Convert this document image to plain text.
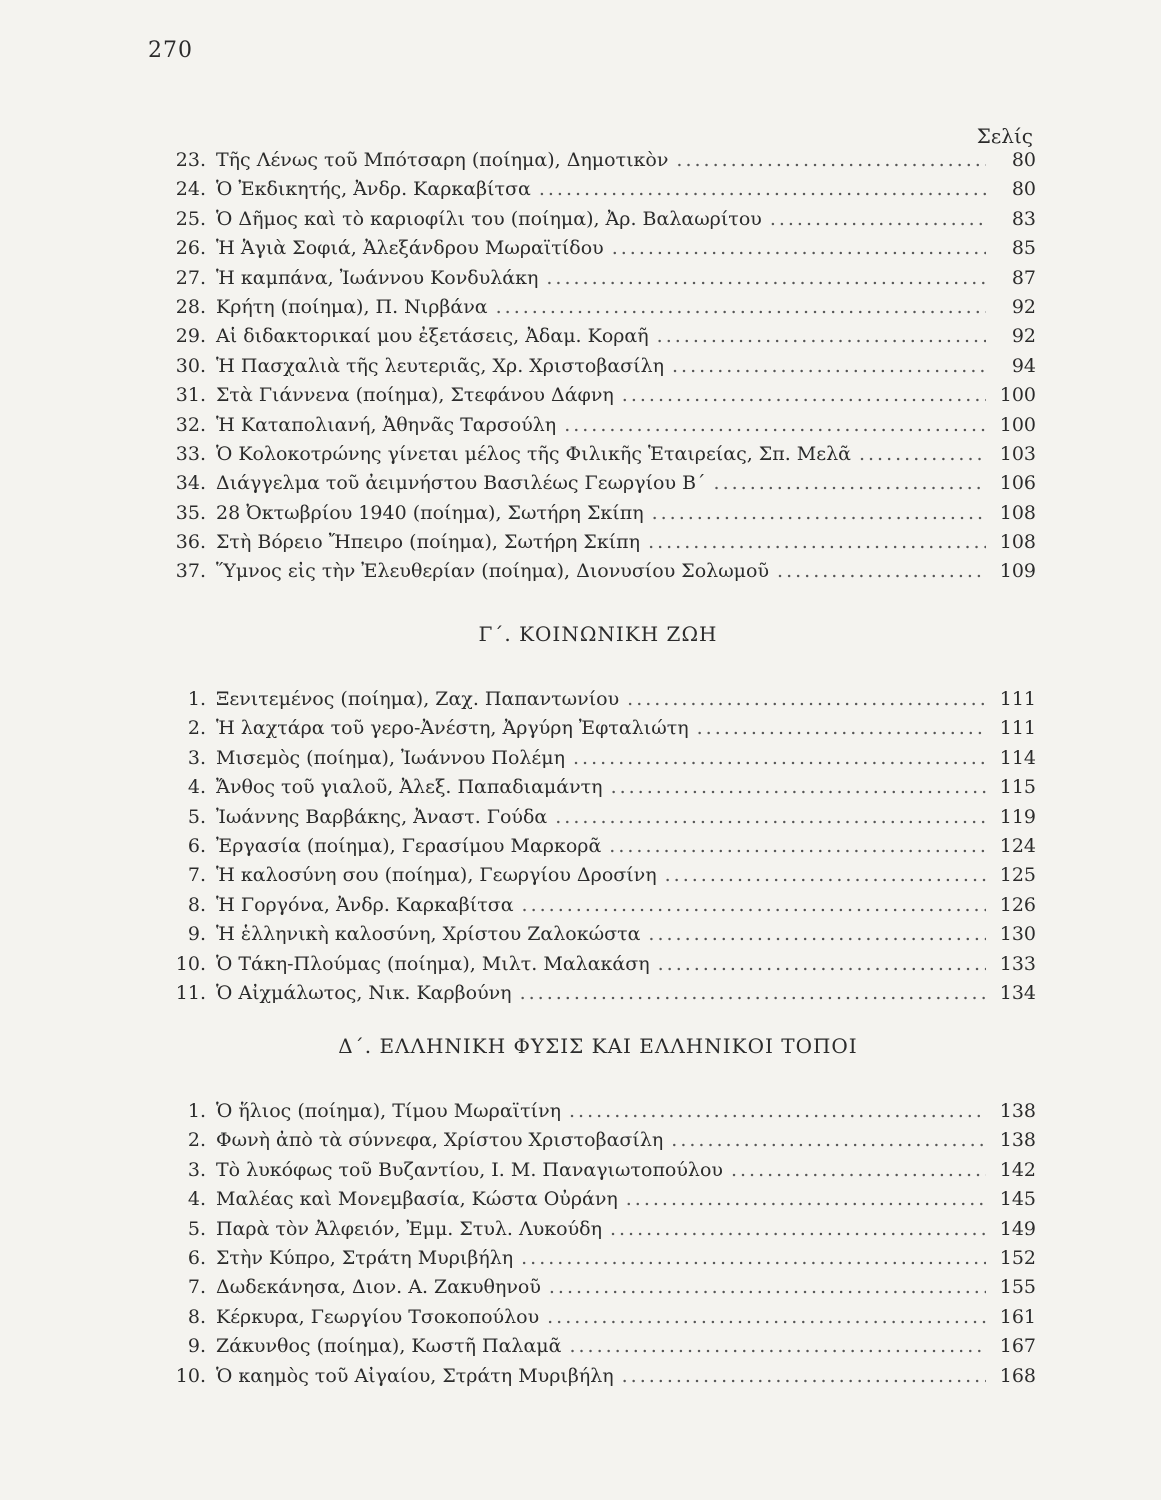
270
Σελίς
23. Τῆς Λένως τοῦ Μπότσαρη (ποίημα), Δημοτικὸν .....	80
24. Ὁ Ἐκδικητής, Ἀνδρ. Καρκαβίτσα .....	80
25. Ὁ Δῆμος καὶ τὸ καριοφίλι του (ποίημα), Ἀρ. Βαλαωρίτου .....	83
26. Ἡ Ἁγιὰ Σοφιά, Ἀλεξάνδρου Μωραϊτίδου .....	85
27. Ἡ καμπάνα, Ἰωάννου Κονδυλάκη .....	87
28. Κρήτη (ποίημα), Π. Νιρβάνα .....	92
29. Αἱ διδακτορικαί μου ἐξετάσεις, Ἀδαμ. Κοραῆ .....	92
30. Ἡ Πασχαλιὰ τῆς λευτεριᾶς, Χρ. Χριστοβασίλη .....	94
31. Στὰ Γιάννενα (ποίημα), Στεφάνου Δάφνη .....	100
32. Ἡ Καταπολιανή, Ἀθηνᾶς Ταρσούλη .....	100
33. Ὁ Κολοκοτρώνης γίνεται μέλος τῆς Φιλικῆς Ἑταιρείας, Σπ. Μελᾶ .....	103
34. Διάγγελμα τοῦ ἀειμνήστου Βασιλέως Γεωργίου Β΄ .....	106
35. 28 Ὀκτωβρίου 1940 (ποίημα), Σωτήρη Σκίπη .....	108
36. Στὴ Βόρειο Ἤπειρο (ποίημα), Σωτήρη Σκίπη .....	108
37. Ὕμνος εἰς τὴν Ἐλευθερίαν (ποίημα), Διονυσίου Σολωμοῦ .....	109
Γ΄. ΚΟΙΝΩΝΙΚΗ ΖΩΗ
1. Ξενιτεμένος (ποίημα), Ζαχ. Παπαντωνίου .....	111
2. Ἡ λαχτάρα τοῦ γερο-Ἀνέστη, Ἀργύρη Ἐφταλιώτη .....	111
3. Μισεμὸς (ποίημα), Ἰωάννου Πολέμη .....	114
4. Ἄνθος τοῦ γιαλοῦ, Ἀλεξ. Παπαδιαμάντη .....	115
5. Ἰωάννης Βαρβάκης, Ἀναστ. Γούδα .....	119
6. Ἐργασία (ποίημα), Γερασίμου Μαρκορᾶ .....	124
7. Ἡ καλοσύνη σου (ποίημα), Γεωργίου Δροσίνη .....	125
8. Ἡ Γοργόνα, Ἀνδρ. Καρκαβίτσα .....	126
9. Ἡ ἑλληνικὴ καλοσύνη, Χρίστου Ζαλοκώστα .....	130
10. Ὁ Τάκη-Πλούμας (ποίημα), Μιλτ. Μαλακάση .....	133
11. Ὁ Αἰχμάλωτος, Νικ. Καρβούνη .....	134
Δ΄. ΕΛΛΗΝΙΚΗ ΦΥΣΙΣ ΚΑΙ ΕΛΛΗΝΙΚΟΙ ΤΟΠΟΙ
1. Ὁ ἥλιος (ποίημα), Τίμου Μωραϊτίνη .....	138
2. Φωνὴ ἀπὸ τὰ σύννεφα, Χρίστου Χριστοβασίλη .....	138
3. Τὸ λυκόφως τοῦ Βυζαντίου, Ι. Μ. Παναγιωτοπούλου .....	142
4. Μαλέας καὶ Μονεμβασία, Κώστα Οὐράνη .....	145
5. Παρὰ τὸν Ἀλφειόν, Ἐμμ. Στυλ. Λυκούδη .....	149
6. Στὴν Κύπρο, Στράτη Μυριβήλη .....	152
7. Δωδεκάνησα, Διον. Α. Ζακυθηνοῦ .....	155
8. Κέρκυρα, Γεωργίου Τσοκοπούλου .....	161
9. Ζάκυνθος (ποίημα), Κωστῆ Παλαμᾶ .....	167
10. Ὁ καημὸς τοῦ Αἰγαίου, Στράτη Μυριβήλη .....	168
